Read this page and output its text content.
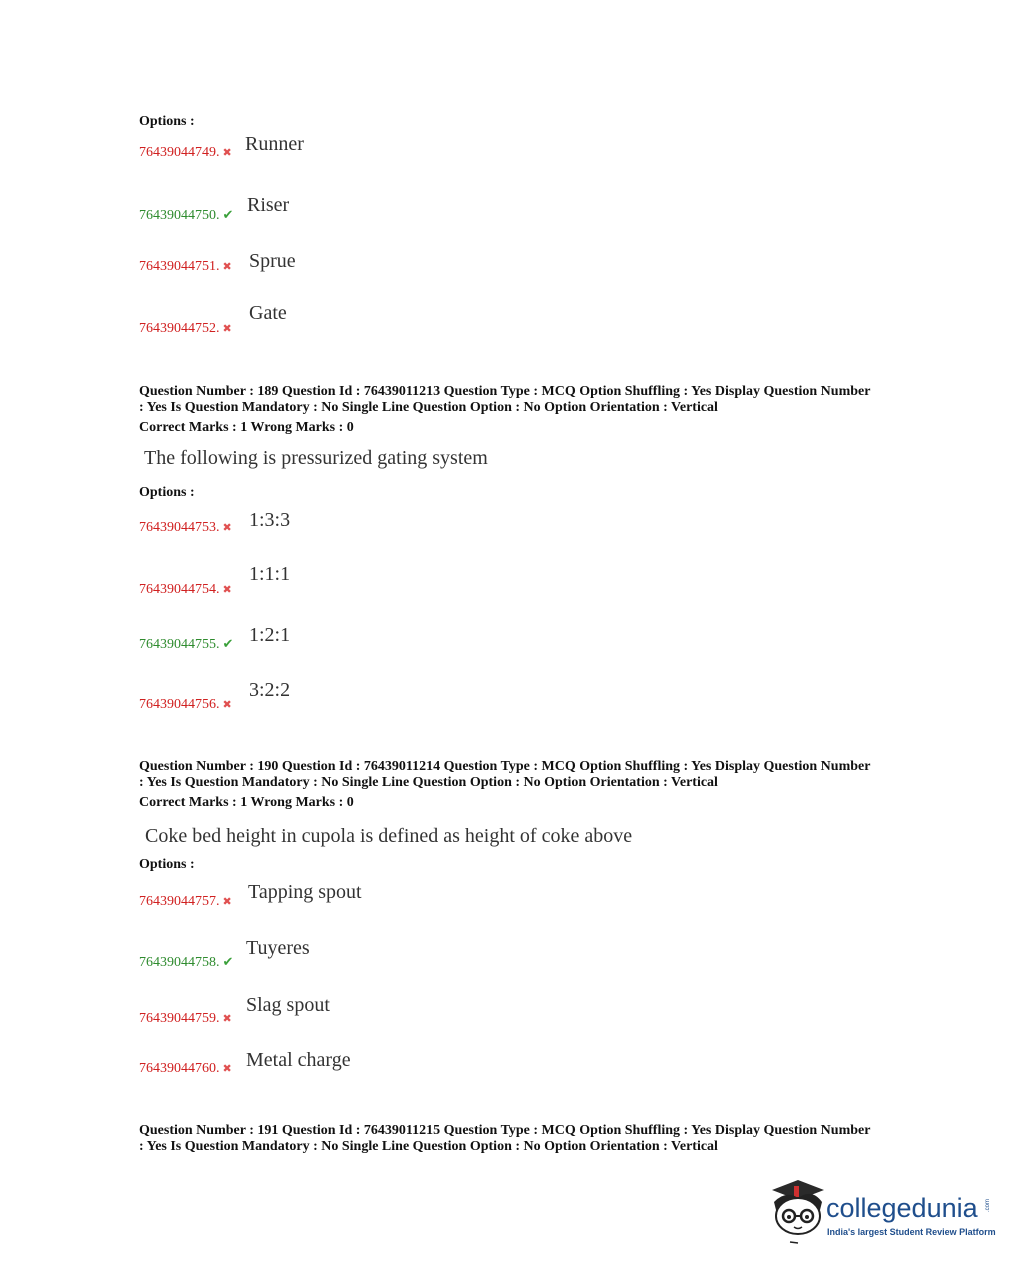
Options :
76439044749. ✖ Runner
76439044750. ✔ Riser
76439044751. ✖ Sprue
76439044752. ✖
Gate
Question Number : 189 Question Id : 76439011213 Question Type : MCQ Option Shuffling : Yes Display Question Number
: Yes Is Question Mandatory : No Single Line Question Option : No Option Orientation : Vertical
Correct Marks : 1 Wrong Marks : 0
The following is pressurized gating system
Options :
76439044753. ✖ 1:3:3
76439044754. ✖
1:1:1
76439044755. ✔ 1:2:1
76439044756. ✖
3:2:2
Question Number : 190 Question Id : 76439011214 Question Type : MCQ Option Shuffling : Yes Display Question Number
: Yes Is Question Mandatory : No Single Line Question Option : No Option Orientation : Vertical
Correct Marks : 1 Wrong Marks : 0
Coke bed height in cupola is defined as height of coke above
Options :
76439044757. ✖ Tapping spout
76439044758. ✔
Tuyeres
76439044759. ✖
Slag spout
76439044760. ✖ Metal charge
Question Number : 191 Question Id : 76439011215 Question Type : MCQ Option Shuffling : Yes Display Question Number
: Yes Is Question Mandatory : No Single Line Question Option : No Option Orientation : Vertical
collegedunia .com
India's largest Student Review Platform
